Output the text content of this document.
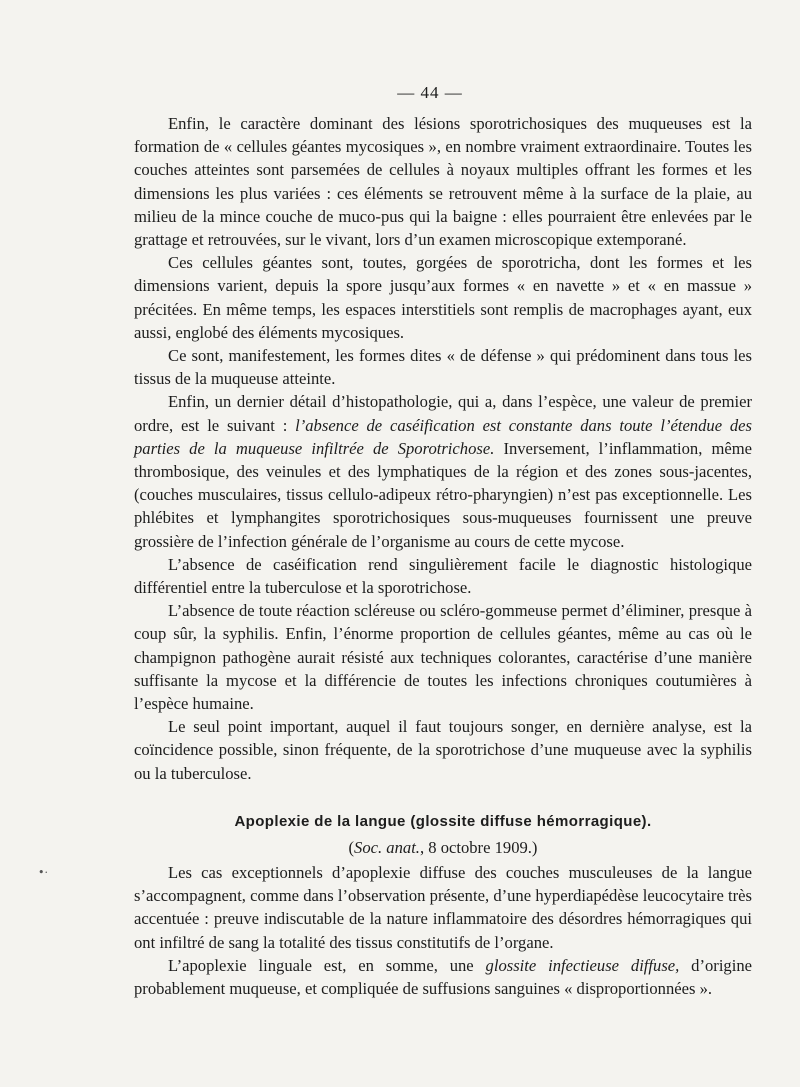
— 44 —

Enfin, le caractère dominant des lésions sporotrichosiques des muqueuses est la formation de « cellules géantes mycosiques », en nombre vraiment extraordinaire. Toutes les couches atteintes sont parsemées de cellules à noyaux multiples offrant les formes et les dimensions les plus variées : ces éléments se retrouvent même à la surface de la plaie, au milieu de la mince couche de muco-pus qui la baigne : elles pourraient être enlevées par le grattage et retrouvées, sur le vivant, lors d’un examen microscopique extemporané.

Ces cellules géantes sont, toutes, gorgées de sporotricha, dont les formes et les dimensions varient, depuis la spore jusqu’aux formes « en navette » et « en massue » précitées. En même temps, les espaces interstitiels sont remplis de macrophages ayant, eux aussi, englobé des éléments mycosiques.

Ce sont, manifestement, les formes dites « de défense » qui prédominent dans tous les tissus de la muqueuse atteinte.

Enfin, un dernier détail d’histopathologie, qui a, dans l’espèce, une valeur de premier ordre, est le suivant : l’absence de caséification est constante dans toute l’étendue des parties de la muqueuse infiltrée de Sporotrichose. Inversement, l’inflammation, même thrombosique, des veinules et des lymphatiques de la région et des zones sous-jacentes, (couches musculaires, tissus cellulo-adipeux rétro-pharyngien) n’est pas exceptionnelle. Les phlébites et lymphangites sporotrichosiques sous-muqueuses fournissent une preuve grossière de l’infection générale de l’organisme au cours de cette mycose.

L’absence de caséification rend singulièrement facile le diagnostic histologique différentiel entre la tuberculose et la sporotrichose.

L’absence de toute réaction scléreuse ou scléro-gommeuse permet d’éliminer, presque à coup sûr, la syphilis. Enfin, l’énorme proportion de cellules géantes, même au cas où le champignon pathogène aurait résisté aux techniques colorantes, caractérise d’une manière suffisante la mycose et la différencie de toutes les infections chroniques coutumières à l’espèce humaine.

Le seul point important, auquel il faut toujours songer, en dernière analyse, est la coïncidence possible, sinon fréquente, de la sporotrichose d’une muqueuse avec la syphilis ou la tuberculose.

Apoplexie de la langue (glossite diffuse hémorragique).
(Soc. anat., 8 octobre 1909.)
•·	Les cas exceptionnels d’apoplexie diffuse des couches musculeuses de la langue s’accompagnent, comme dans l’observation présente, d’une hyperdiapédèse leucocytaire très accentuée : preuve indiscutable de la nature inflammatoire des désordres hémorragiques qui ont infiltré de sang la totalité des tissus constitutifs de l’organe.

L’apoplexie linguale est, en somme, une glossite infectieuse diffuse, d’origine probablement muqueuse, et compliquée de suffusions sanguines « disproportionnées ».
